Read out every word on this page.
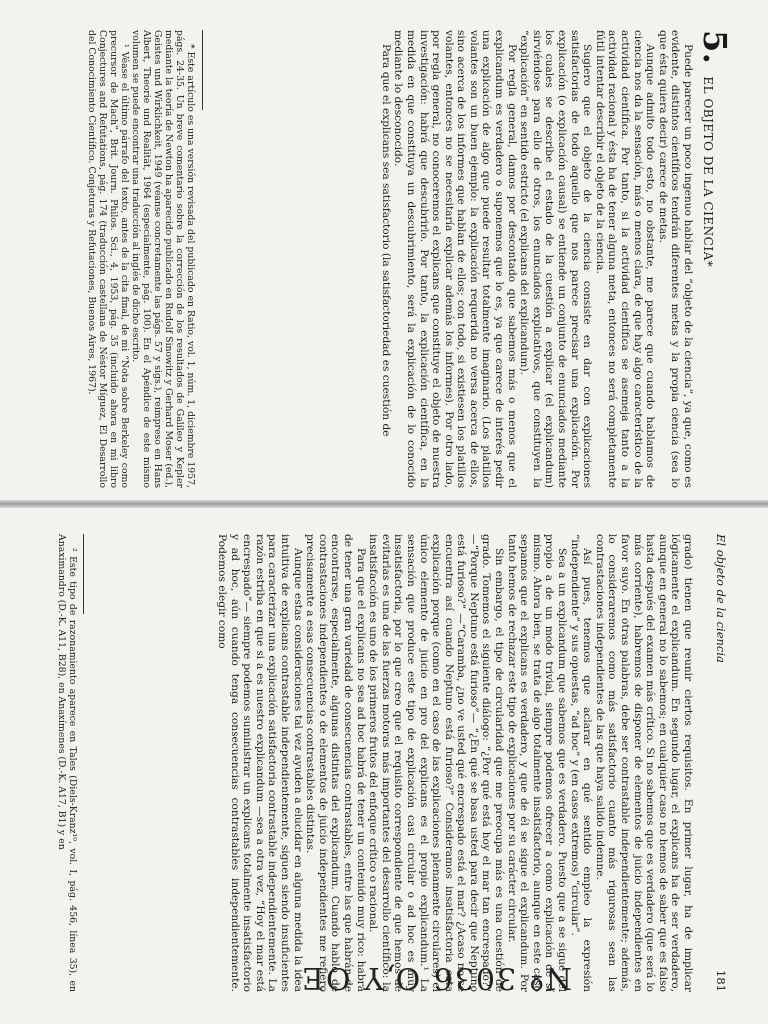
5.
EL OBJETO DE LA CIENCIA*

Puede parecer un poco ingenuo hablar del “objeto de la ciencia”, ya que, como es evidente, distintos científicos tendrán diferentes metas y la propia ciencia (sea lo que ésta quiera decir) carece de metas.

Aunque admito todo esto, no obstante, me parece que cuando hablamos de ciencia nos da la sensación, más o menos clara, de que hay algo característico de la actividad científica. Por tanto, si la actividad científica se asemeja tanto a la actividad racional y ésta ha de tener alguna meta, entonces no será completamente fútil intentar describir el objeto de la ciencia.

Sugiero que el objeto de la ciencia consiste en dar con explicaciones satisfactorias de todo aquello que nos parece precisar una explicación. Por explicación (o explicación causal) se entiende un conjunto de enunciados mediante los cuales se describe el estado de la cuestión a explicar (el explicandum) sirviéndose para ello de otros, los enunciados explicativos, que constituyen la “explicación” en sentido estricto (el explicans del explicandum).

Por regla general, damos por descontado que sabemos más o menos que el explicandum es verdadero o suponemos que lo es, ya que carece de interés pedir una explicación de algo que puede resultar totalmente imaginario. (Los platillos volantes son un buen ejemplo: la explicación requerida no versa acerca de ellos, sino acerca de los informes que hablan de ellos; con todo, si existiesen los platillos volantes, entonces no se necesitaría explicar además los informes). Por otro lado, por regla general, no conoceremos el explicans que constituye el objeto de nuestra investigación: habrá que descubrirlo. Por tanto, la explicación científica, en la medida en que constituya un descubrimiento, será la explicación de lo conocido mediante lo desconocido.

Para que el explicans sea satisfactorio (la satisfactoriedad es cuestión de

* Este artículo es una versión revisada del publicado en Ratio, vol. 1, núm. 1, diciembre 1957, págs. 24-35. Un breve comentario sobre la corrección de los resultados de Galileo y Kepler mediante la teoría de Newton ha aparecido publicado en Rudolf Sinowitz y Gerhard Moser (ed.), Geistes und Wirklichkeit, 1949 (véanse concretamente las págs. 57 y sigs.), reimpreso en Hans Albert, Theorie und Realität, 1964 (especialmente, pág. 100). En el Apéndice de este mismo volumen se puede encontrar una traducción al inglés de dicho escrito.

¹ Véase el último párrafo del texto, antes de la cita final, de mi “Nota sobre Berkeley como precursor de Mach”, Brit. Journ. Philos. Sci., 4, 1953, pág. 35 (incluido ahora en mi libro Conjectures and Refutations, pág. 174 (traducción castellana de Néstor Míguez, El Desarrollo del Conocimiento Científico. Conjeturas y Refutaciones, Buenos Aires, 1967).

El objeto de la ciencia
181

grado) tienen que reunir ciertos requisitos. En primer lugar, ha de implicar lógicamente el explicandum. En segundo lugar, el explicans ha de ser verdadero, aunque en general no lo sabemos; en cualquier caso no hemos de saber que es falso hasta después del examen más crítico. Si no sabemos que es verdadero (que será lo más corriente), habremos de disponer de elementos de juicio independientes en favor suyo. En otras palabras, debe ser contrastable independientemente; además, lo consideraremos como más satisfactorio cuanto más rigurosas sean las contrastaciones independientes de las que haya salido indemne.

Así pues, tenemos que aclarar en qué sentido empleo la expresión “independiente” y sus opuestas, “ad hoc” y (en casos extremos) “circular”.

Sea a un explicandum que sabemos que es verdadero. Puesto que a se sigue del propio a de un modo trivial, siempre podemos ofrecer a como explicación de sí mismo. Ahora bien, se trata de algo totalmente insatisfactorio, aunque en este caso sepamos que el explicans es verdadero, y que de él se sigue el explicandum. Por tanto hemos de rechazar este tipo de explicaciones por su carácter circular.

Sin embargo, el tipo de circularidad que me preocupa más es una cuestión de grado. Tomemos el siguiente diálogo: “¿Por qué está hoy el mar tan encrespado?” —“Porque Neptuno está furioso”— “¿En qué se basa usted para decir que Neptuno está furioso?” —“Caramba, ¿no ve usted qué encrespado está el mar? ¿Acaso no se encuentra así cuando Neptuno está furioso?” Consideramos insatisfactoria esta explicación porque (como en el caso de las explicaciones plenamente circulares) el único elemento de juicio en pro del explicans es el propio explicandum.¹ La sensación que produce este tipo de explicación casi circular o ad hoc es muy insatisfactoria, por lo que creo que el requisito correspondiente de que hemos de evitarlas es una de las fuerzas motoras más importantes del desarrollo científico: la insatisfacción es uno de los primeros frutos del enfoque crítico o racional.

Para que el explicans no sea ad hoc habrá de tener un contenido muy rico: habrá de tener una gran variedad de consecuencias contrastables, entre las que habrán de encontrarse, especialmente, algunas distintas del explicandum. Cuando hablo de contrastaciones independientes o de elementos de juicio independientes me refiero precisamente a esas consecuencias contrastables distintas.

Aunque estas consideraciones tal vez ayuden a elucidar en alguna medida la idea intuitiva de explicans contrastable independientemente, siguen siendo insuficientes para caracterizar una explicación satisfactoria contrastable independientemente. La razón estriba en que si a es nuestro explicandum —sea a otra vez, “Hoy el mar está encrespado”— siempre podemos suministrar un explicans totalmente insatisfactorio y ad hoc, aún cuando tenga consecuencias contrastables independientemente. Podemos elegir como

² Este tipo de razonamiento aparece en Tales (Diels-Kranz¹⁰, vol. I, pág. 456, línea 35), en Anaximandro (D.-K. A11, B28), en Anaxímenes (D.-K. A17, B1) y en

Nº 3036 O,Y OE
